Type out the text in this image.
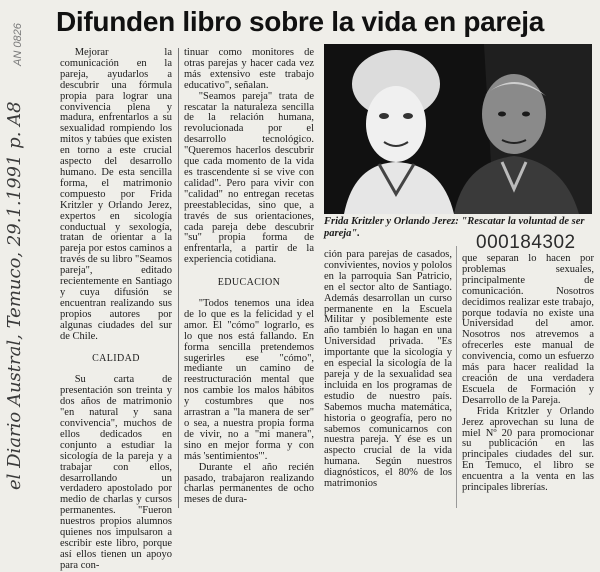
AN 0826
el Diario Austral, Temuco, 29.1.1991 p. A8
Difunden libro sobre la vida en pareja

Mejorar la comunicación en la pareja, ayudarlos a descubrir una fórmula propia para lograr una convivencia plena y madura, enfrentarlos a su sexualidad rompiendo los mitos y tabúes que existen en torno a este crucial aspecto del desarrollo humano. De esta sencilla forma, el matrimonio compuesto por Frida Kritzler y Orlando Jerez, expertos en sicología conductual y sexología, tratan de orientar a la pareja por estos caminos a través de su libro "Seamos pareja", editado recientemente en Santiago y cuya difusión se encuentran realizando sus propios autores por algunas ciudades del sur de Chile.

CALIDAD

Su carta de presentación son treinta y dos años de matrimonio "en natural y sana convivencia", muchos de ellos dedicados en conjunto a estudiar la sicología de la pareja y a trabajar con ellos, desarrollando un verdadero apostolado por medio de charlas y cursos permanentes. "Fueron nuestros propios alumnos quienes nos impulsaron a escribir este libro, porque así ellos tienen un apoyo para con-

tinuar como monitores de otras parejas y hacer cada vez más extensivo este trabajo educativo", señalan.

"Seamos pareja" trata de rescatar la naturaleza sencilla de la relación humana, revolucionada por el desarrollo tecnológico. "Queremos hacerlos descubrir que cada momento de la vida es trascendente si se vive con calidad". Pero para vivir con "calidad" no entregan recetas preestablecidas, sino que, a través de sus orientaciones, cada pareja debe descubrir "su" propia forma de enfrentarla, a partir de la experiencia cotidiana.

EDUCACION

"Todos tenemos una idea de lo que es la felicidad y el amor. El "cómo" lograrlo, es lo que nos está fallando. En forma sencilla pretendemos sugerirles ese "cómo", mediante un camino de reestructuración mental que nos cambie los malos hábitos y costumbres que nos arrastran a "la manera de ser" o sea, a nuestra propia forma de vivir, no a "mi manera", sino en mejor forma y con más 'sentimientos'".

Durante el año recién pasado, trabajaron realizando charlas permanentes de ocho meses de dura-

Frida Kritzler y Orlando Jerez: "Rescatar la voluntad de ser pareja".	000184302

ción para parejas de casados, convivientes, novios y pololos en la parroquia San Patricio, en el sector alto de Santiago. Además desarrollan un curso permanente en la Escuela Militar y posiblemente este año también lo hagan en una Universidad privada. "Es importante que la sicología y en especial la sicología de la pareja y de la sexualidad sea incluida en los programas de estudio de nuestro país. Sabemos mucha matemática, historia o geografía, pero no sabemos comunicarnos con nuestra pareja. Y ése es un aspecto crucial de la vida humana. Según nuestros diagnósticos, el 80% de los matrimonios

que separan lo hacen por problemas sexuales, principalmente de comunicación. Nosotros decidimos realizar este trabajo, porque todavía no existe una Universidad del amor. Nosotros nos atrevemos a ofrecerles este manual de convivencia, como un esfuerzo más para hacer realidad la creación de una verdadera Escuela de Formación y Desarrollo de la Pareja.

Frida Kritzler y Orlando Jerez aprovechan su luna de miel Nº 20 para promocionar su publicación en las principales ciudades del sur. En Temuco, el libro se encuentra a la venta en las principales librerías.
